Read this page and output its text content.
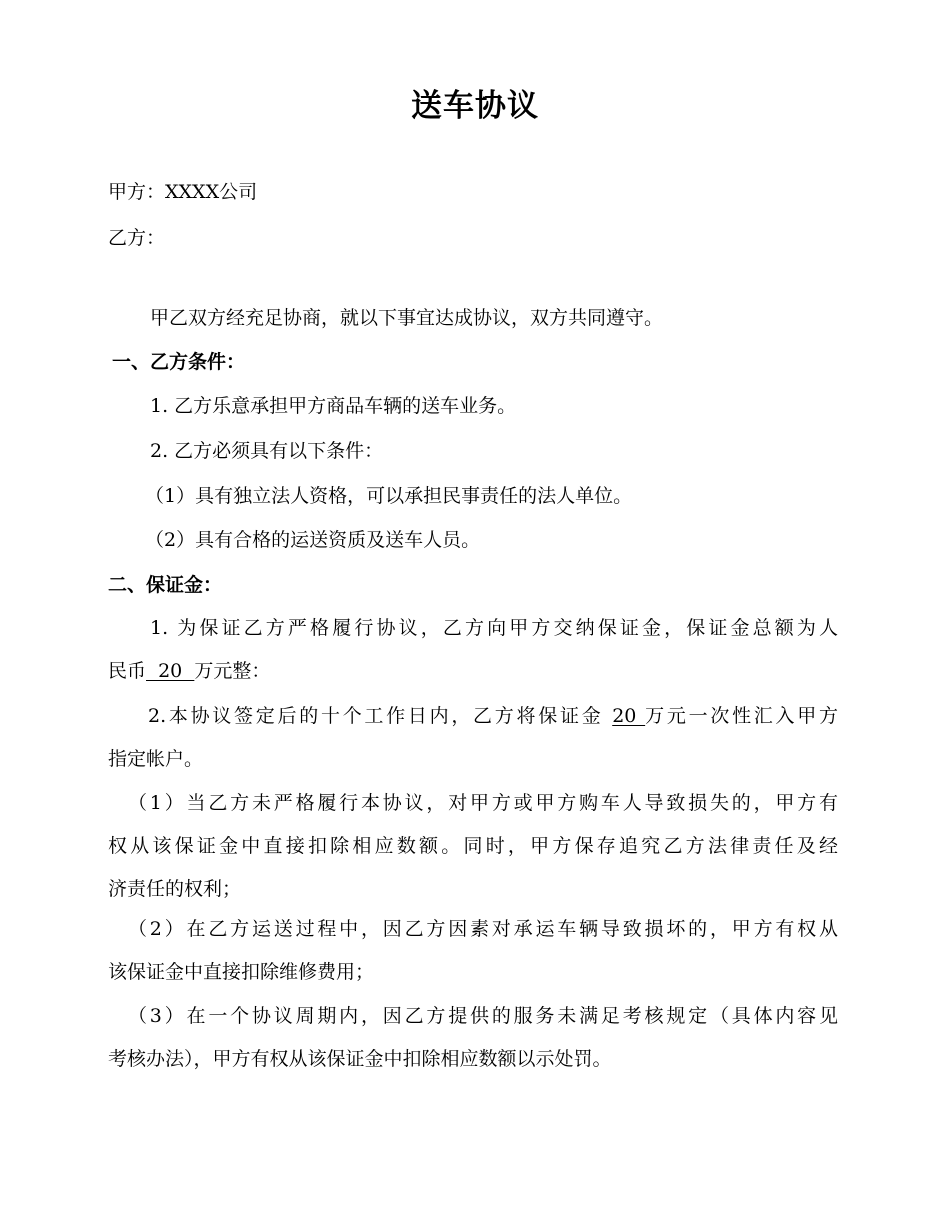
送车协议
甲方：XXXX公司
乙方：
甲乙双方经充足协商，就以下事宜达成协议，双方共同遵守。
一、乙方条件：
1. 乙方乐意承担甲方商品车辆的送车业务。
2. 乙方必须具有以下条件：
（1）具有独立法人资格，可以承担民事责任的法人单位。
（2）具有合格的运送资质及送车人员。
二、保证金：
1. 为保证乙方严格履行协议，乙方向甲方交纳保证金，保证金总额为人
民币  20  万元整：
2.本协议签定后的十个工作日内，乙方将保证金 20 万元一次性汇入甲方
指定帐户。
（1）当乙方未严格履行本协议，对甲方或甲方购车人导致损失的，甲方有
权从该保证金中直接扣除相应数额。同时，甲方保存追究乙方法律责任及经
济责任的权利；
（2）在乙方运送过程中，因乙方因素对承运车辆导致损坏的，甲方有权从
该保证金中直接扣除维修费用；
（3）在一个协议周期内，因乙方提供的服务未满足考核规定（具体内容见
考核办法），甲方有权从该保证金中扣除相应数额以示处罚。
